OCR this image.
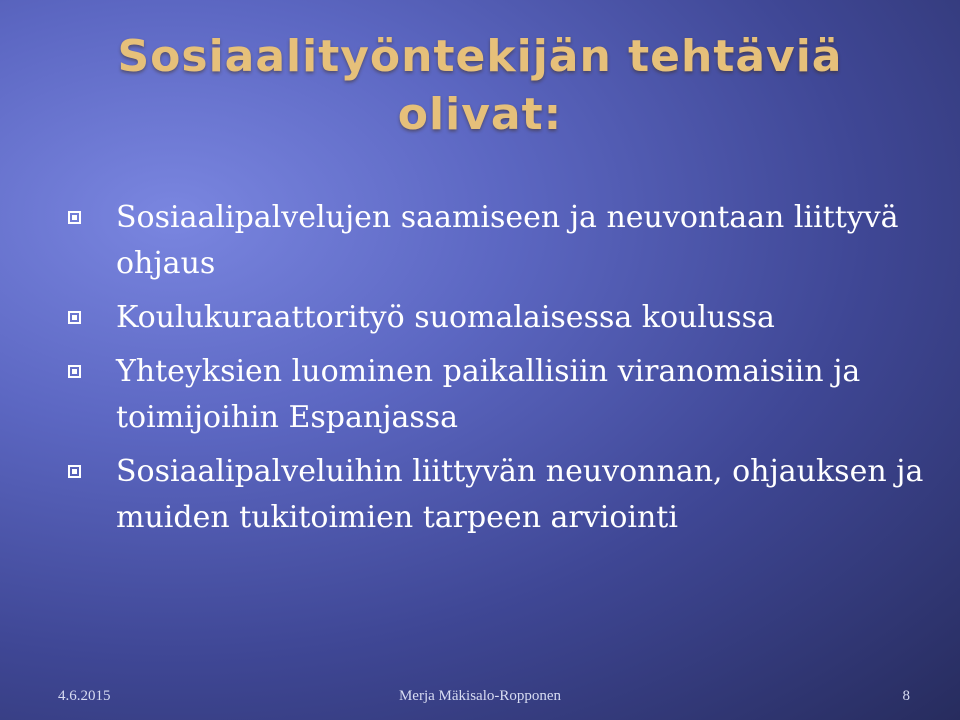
Sosiaalityöntekijän tehtäviä
olivat:
Sosiaalipalvelujen saamiseen ja neuvontaan liittyvä ohjaus
Koulukuraattorityö suomalaisessa koulussa
Yhteyksien luominen paikallisiin viranomaisiin ja toimijoihin Espanjassa
Sosiaalipalveluihin liittyvän neuvonnan, ohjauksen ja muiden tukitoimien tarpeen arviointi
4.6.2015	Merja Mäkisalo-Ropponen	8
